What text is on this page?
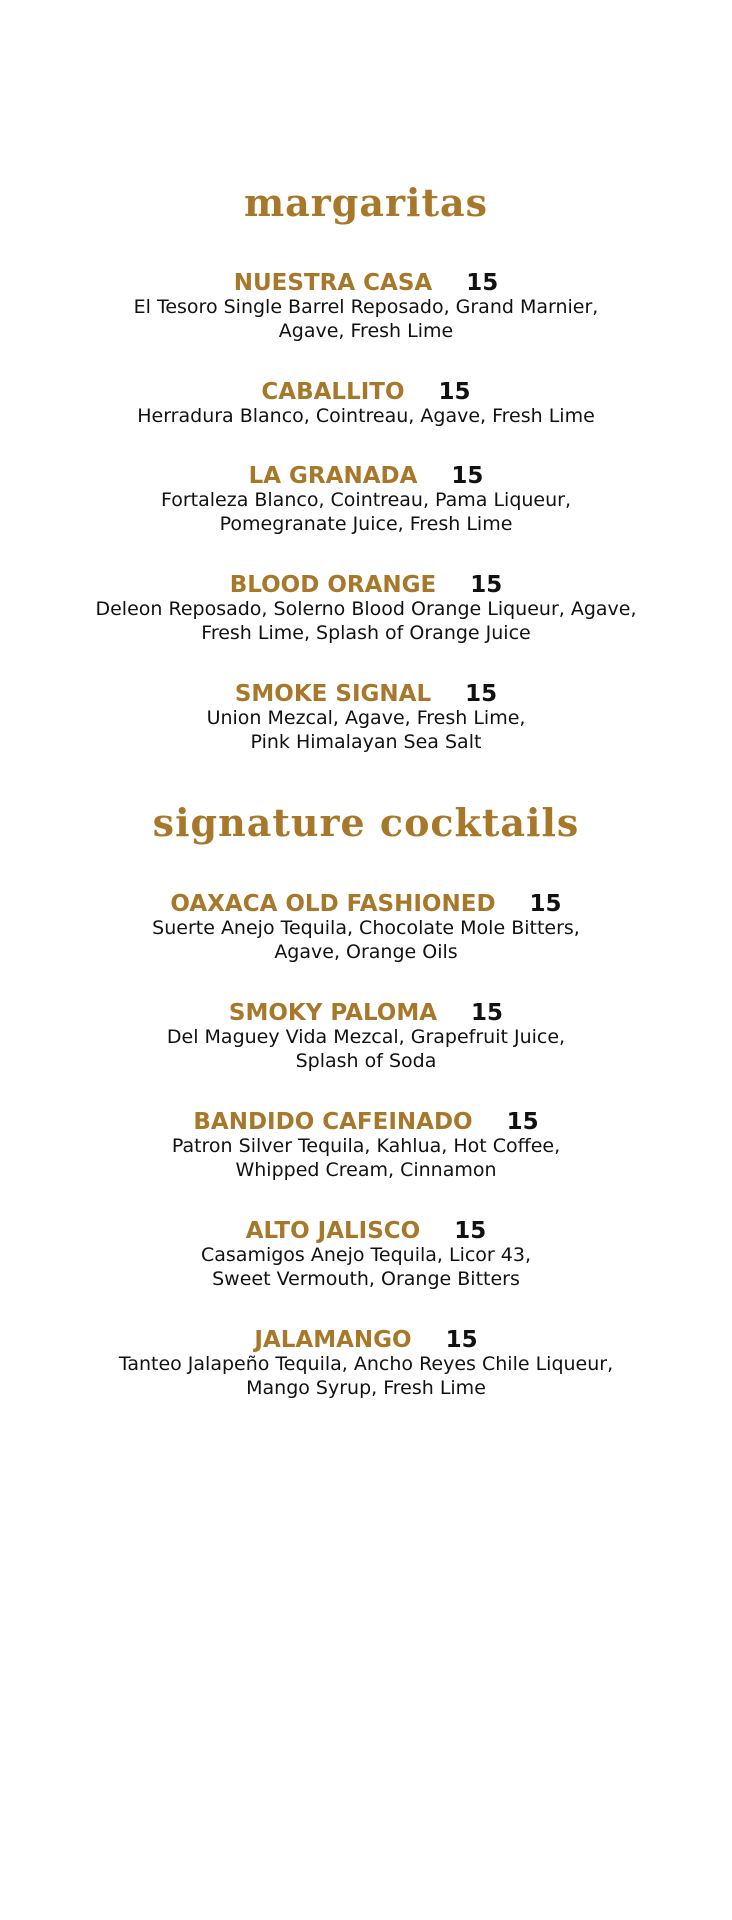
margaritas
NUESTRA CASA 15
El Tesoro Single Barrel Reposado, Grand Marnier,
Agave, Fresh Lime
CABALLITO 15
Herradura Blanco, Cointreau, Agave, Fresh Lime
LA GRANADA 15
Fortaleza Blanco, Cointreau, Pama Liqueur,
Pomegranate Juice, Fresh Lime
BLOOD ORANGE 15
Deleon Reposado, Solerno Blood Orange Liqueur, Agave,
Fresh Lime, Splash of Orange Juice
SMOKE SIGNAL 15
Union Mezcal, Agave, Fresh Lime,
Pink Himalayan Sea Salt
signature cocktails
OAXACA OLD FASHIONED 15
Suerte Anejo Tequila, Chocolate Mole Bitters,
Agave, Orange Oils
SMOKY PALOMA 15
Del Maguey Vida Mezcal, Grapefruit Juice,
Splash of Soda
BANDIDO CAFEINADO 15
Patron Silver Tequila, Kahlua, Hot Coffee,
Whipped Cream, Cinnamon
ALTO JALISCO 15
Casamigos Anejo Tequila, Licor 43,
Sweet Vermouth, Orange Bitters
JALAMANGO 15
Tanteo Jalapeño Tequila, Ancho Reyes Chile Liqueur,
Mango Syrup, Fresh Lime
